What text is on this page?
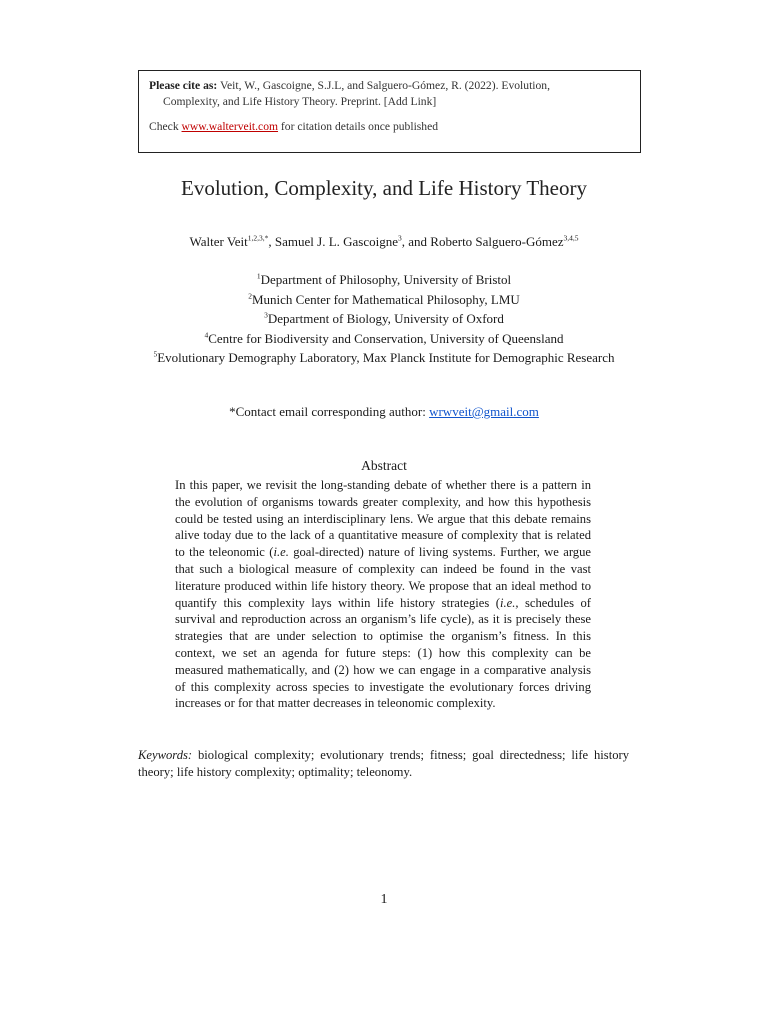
Please cite as: Veit, W., Gascoigne, S.J.L, and Salguero-Gómez, R. (2022). Evolution,
Complexity, and Life History Theory. Preprint. [Add Link]

Check www.walterveit.com for citation details once published

Evolution, Complexity, and Life History Theory
Walter Veit$^{1,2,3,*}$, Samuel J. L. Gascoigne$^3$, and Roberto Salguero-Gómez$^{3,4,5}$

$^1$Department of Philosophy, University of Bristol

$^2$Munich Center for Mathematical Philosophy, LMU

$^3$Department of Biology, University of Oxford

$^4$Centre for Biodiversity and Conservation, University of Queensland

$^5$Evolutionary Demography Laboratory, Max Planck Institute for Demographic Research

*Contact email corresponding author: wrwveit@gmail.com
Abstract

In this paper, we revisit the long-standing debate of whether there is a pattern in the evolution of organisms towards greater complexity, and how this hypothesis could be tested using an interdisciplinary lens. We argue that this debate remains alive today due to the lack of a quantitative measure of complexity that is related to the teleonomic (i.e. goal-directed) nature of living systems. Further, we argue that such a biological measure of complexity can indeed be found in the vast literature produced within life history theory. We propose that an ideal method to quantify this complexity lays within life history strategies (i.e., schedules of survival and reproduction across an organism’s life cycle), as it is precisely these strategies that are under selection to optimise the organism’s fitness. In this context, we set an agenda for future steps: (1) how this complexity can be measured mathematically, and (2) how we can engage in a comparative analysis of this complexity across species to investigate the evolutionary forces driving increases or for that matter decreases in teleonomic complexity.

Keywords: biological complexity; evolutionary trends; fitness; goal directedness; life history theory; life history complexity; optimality; teleonomy.

1
